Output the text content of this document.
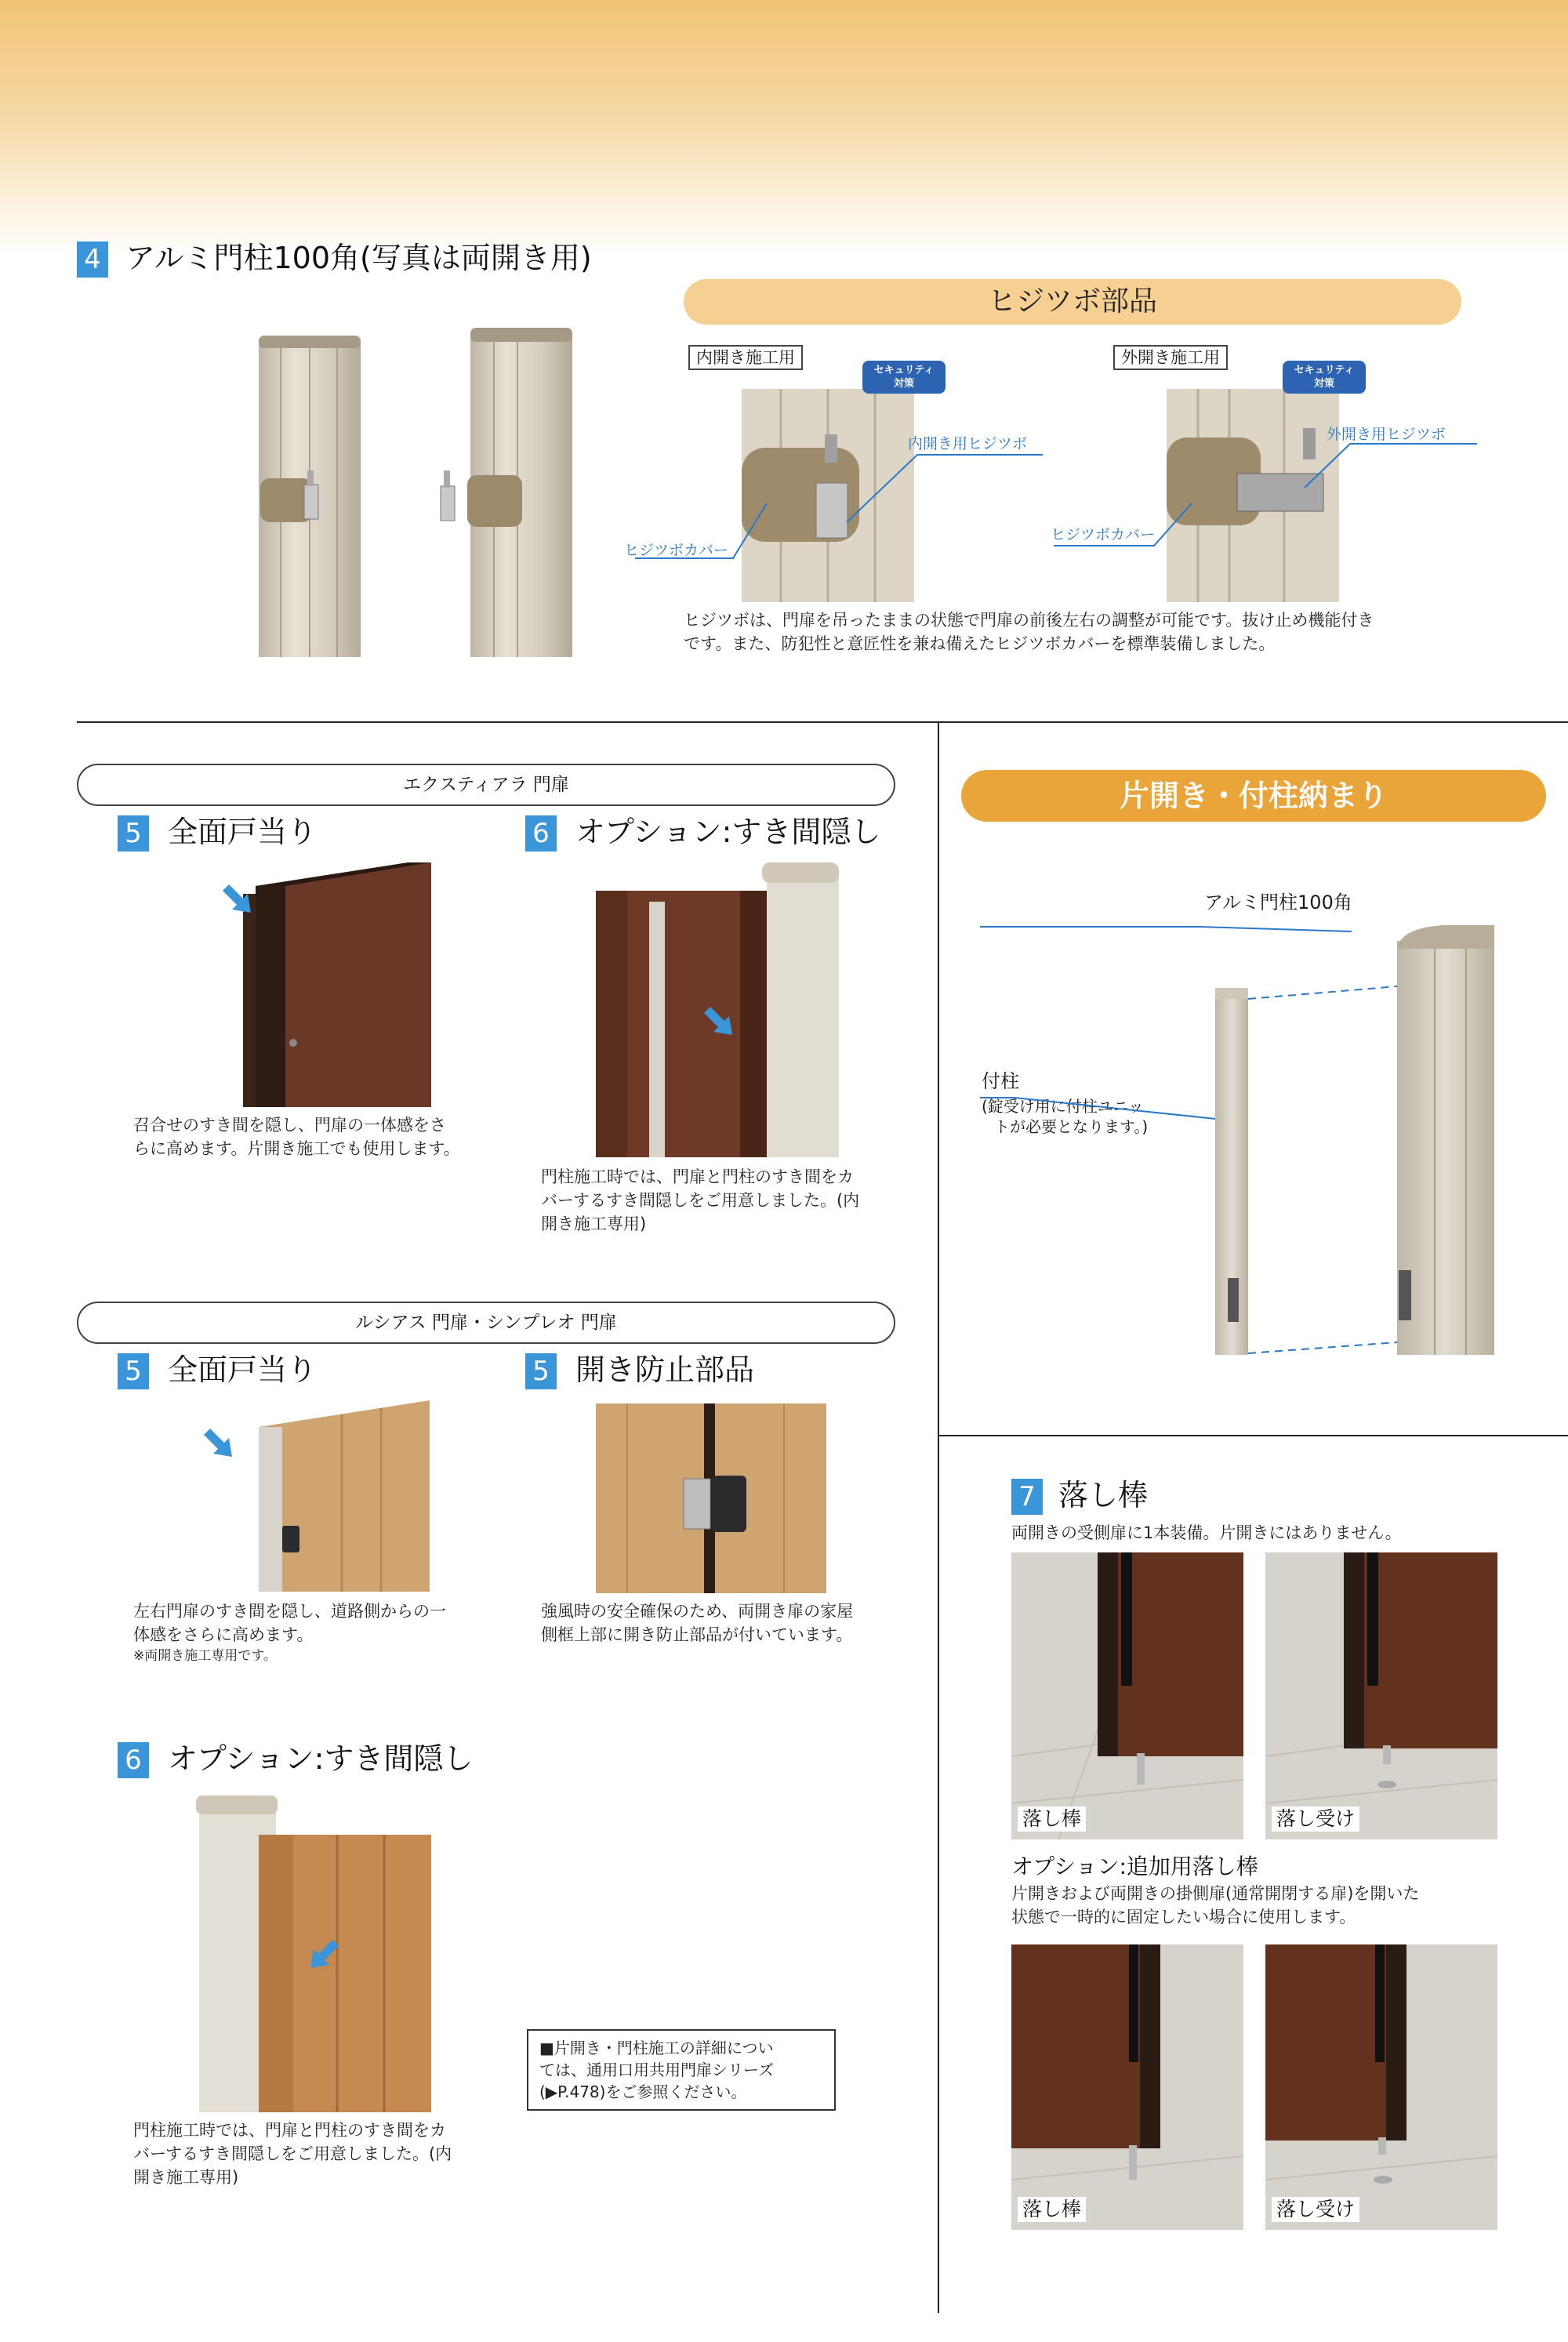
4 アルミ門柱100角(写真は両開き用)
ヒジツボ部品
内開き施工用
セキュリティ
対策
内開き用ヒジツボ
ヒジツボカバー
外開き施工用
セキュリティ
対策
外開き用ヒジツボ
ヒジツボカバー
ヒジツボは、門扉を吊ったままの状態で門扉の前後左右の調整が可能です。抜け止め機能付き
です。また、防犯性と意匠性を兼ね備えたヒジツボカバーを標準装備しました。
エクスティアラ 門扉
5 全面戸当り
召合せのすき間を隠し、門扉の一体感をさ
らに高めます。片開き施工でも使用します。
6 オプション:すき間隠し
門柱施工時では、門扉と門柱のすき間をカ
バーするすき間隠しをご用意しました。(内
開き施工専用)
ルシアス 門扉・シンプレオ 門扉
5 全面戸当り
左右門扉のすき間を隠し、道路側からの一
体感をさらに高めます。
※両開き施工専用です。
5 開き防止部品
強風時の安全確保のため、両開き扉の家屋
側框上部に開き防止部品が付いています。
6 オプション:すき間隠し
門柱施工時では、門扉と門柱のすき間をカ
バーするすき間隠しをご用意しました。(内
開き施工専用)
■片開き・門柱施工の詳細につい
ては、通用口用共用門扉シリーズ
(▶P.478)をご参照ください。
片開き・付柱納まり
アルミ門柱100角
付柱
(錠受け用に付柱ユニッ
トが必要となります。)
7 落し棒
両開きの受側扉に1本装備。片開きにはありません。
落し棒	落し受け
オプション:追加用落し棒
片開きおよび両開きの掛側扉(通常開閉する扉)を開いた
状態で一時的に固定したい場合に使用します。
落し棒	落し受け
